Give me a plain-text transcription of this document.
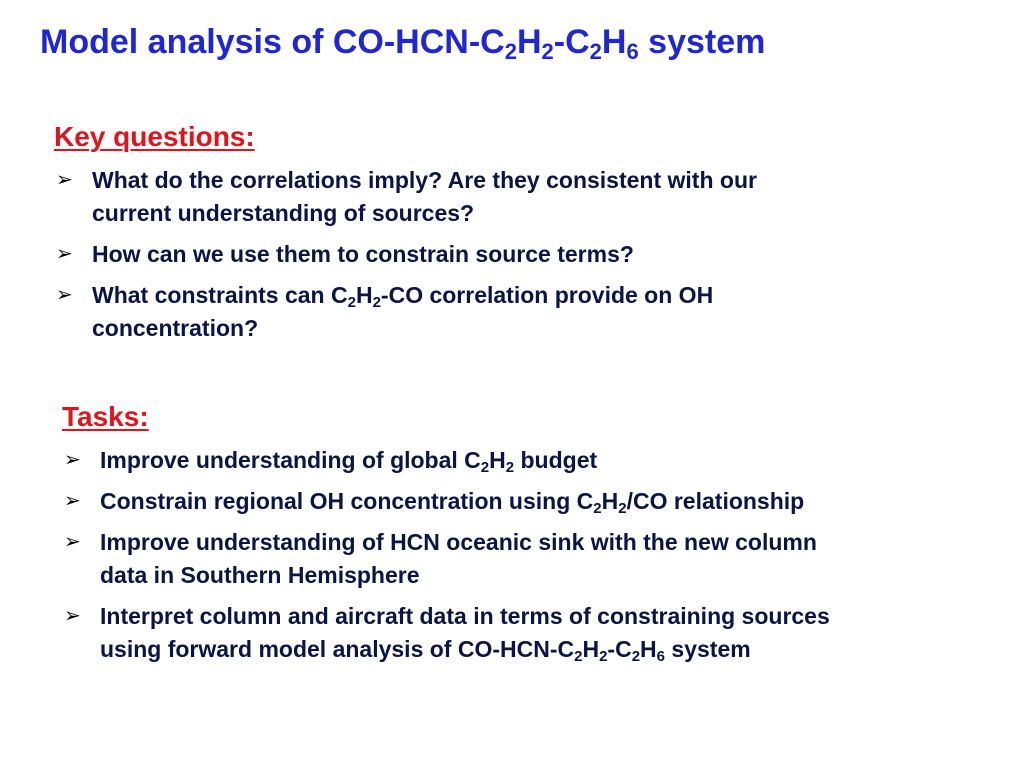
Model analysis of $CO-HCN-C_2H_2-C_2H_6$ system
Key questions:
➢ What do the correlations imply? Are they consistent with our
current understanding of sources?
➢ How can we use them to constrain source terms?
➢ What constraints can $C_2H_2-CO$ correlation provide on OH
concentration?
Tasks:
➢ Improve understanding of global $C_2H_2$ budget
➢ Constrain regional OH concentration using $C_2H_2/CO$ relationship
➢ Improve understanding of HCN oceanic sink with the new column
data in Southern Hemisphere
➢ Interpret column and aircraft data in terms of constraining sources
using forward model analysis of $CO-HCN-C_2H_2-C_2H_6$ system
